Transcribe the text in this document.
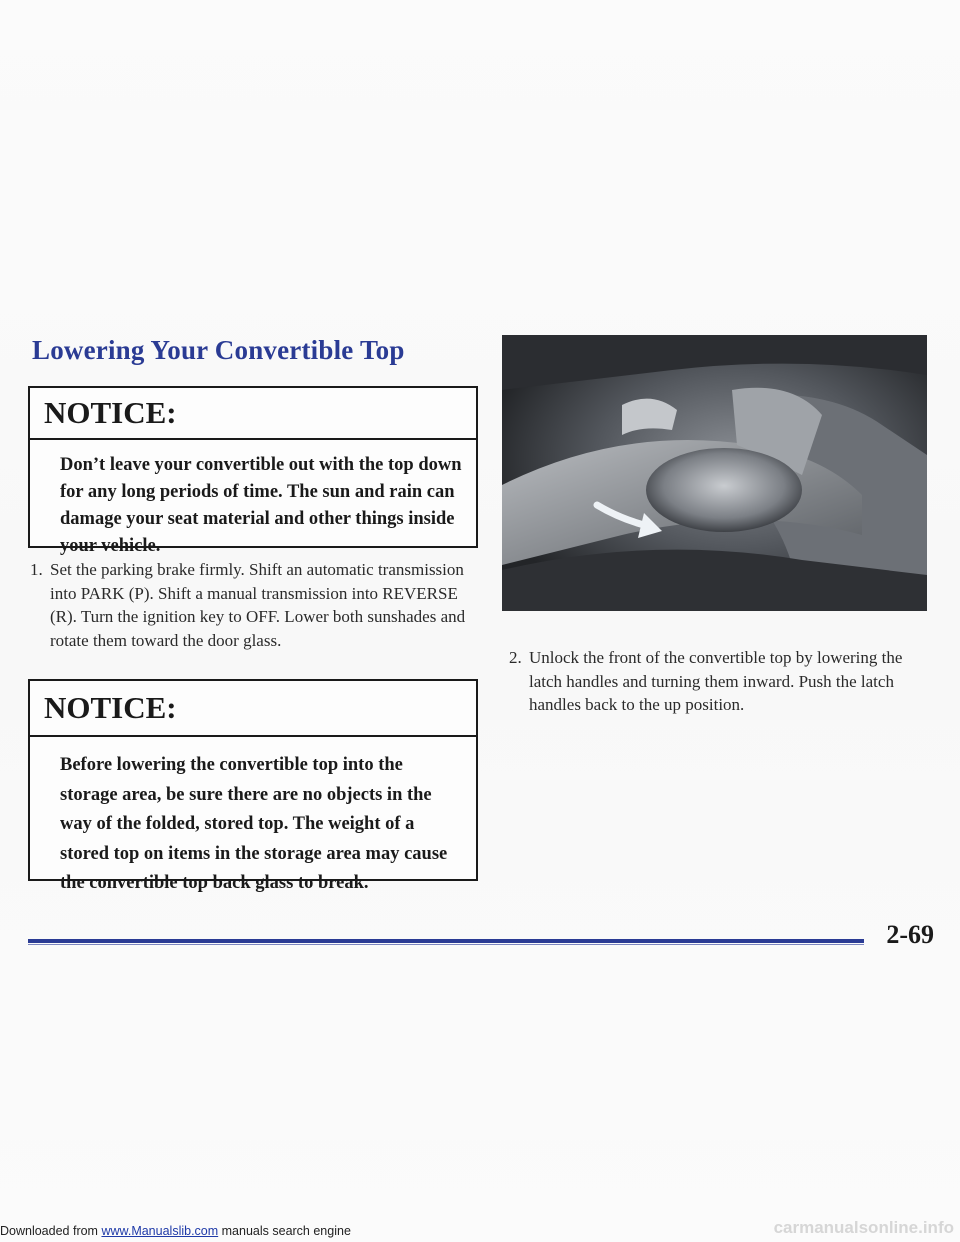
Lowering Your Convertible Top
NOTICE:
Don’t leave your convertible out with the top down for any long periods of time. The sun and rain can damage your seat material and other things inside your vehicle.
1. Set the parking brake firmly. Shift an automatic transmission into PARK (P). Shift a manual transmission into REVERSE (R). Turn the ignition key to OFF. Lower both sunshades and rotate them toward the door glass.
NOTICE:
Before lowering the convertible top into the storage area, be sure there are no objects in the way of the folded, stored top. The weight of a stored top on items in the storage area may cause the convertible top back glass to break.
2. Unlock the front of the convertible top by lowering the latch handles and turning them inward. Push the latch handles back to the up position.
2-69
Downloaded from www.Manualslib.com manuals search engine	carmanualsonline.info
